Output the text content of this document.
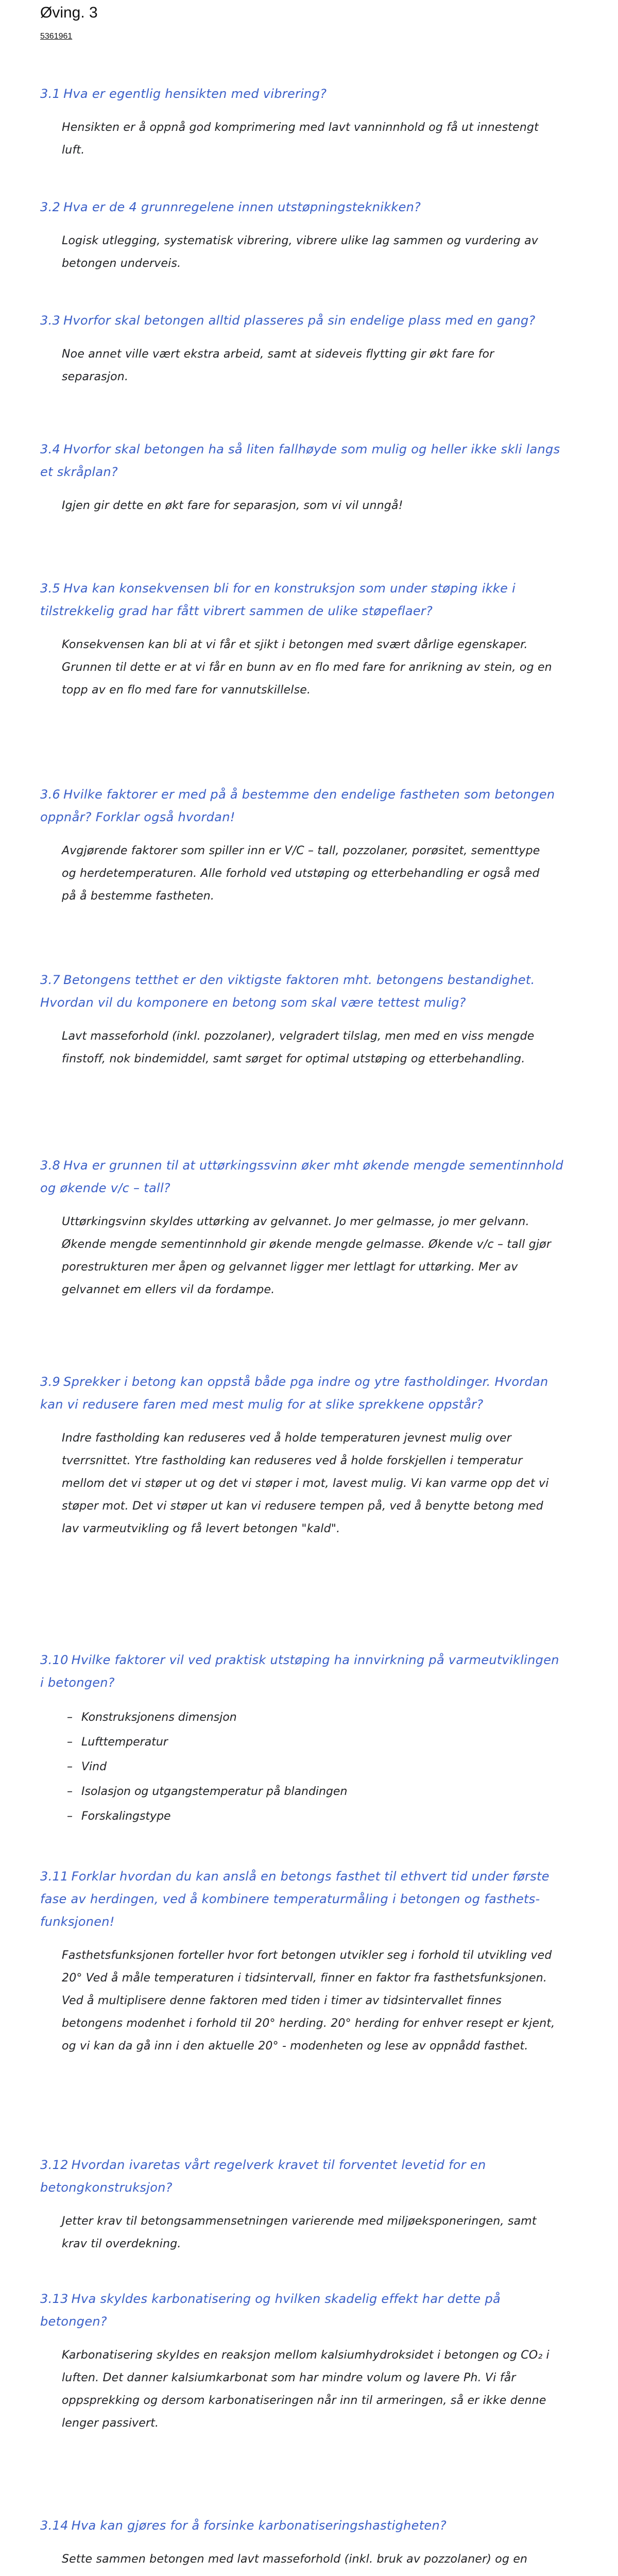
Øving. 3
5361961
3.1 Hva er egentlig hensikten med vibrering?
Hensikten er å oppnå god komprimering med lavt vanninnhold og få ut innestengt luft.
3.2 Hva er de 4 grunnregelene innen utstøpningsteknikken?
Logisk utlegging, systematisk vibrering, vibrere ulike lag sammen og vurdering av betongen underveis.
3.3 Hvorfor skal betongen alltid plasseres på sin endelige plass med en gang?
Noe annet ville vært ekstra arbeid, samt at sideveis flytting gir økt fare for separasjon.
3.4 Hvorfor skal betongen ha så liten fallhøyde som mulig og heller ikke skli langs et skråplan?
Igjen gir dette en økt fare for separasjon, som vi vil unngå!
3.5 Hva kan konsekvensen bli for en konstruksjon som under støping ikke i tilstrekkelig grad har fått vibrert sammen de ulike støpeflaer?
Konsekvensen kan bli at vi får et sjikt i betongen med svært dårlige egenskaper. Grunnen til dette er at vi får en bunn av en flo med fare for anrikning av stein, og en topp av en flo med fare for vannutskillelse.
3.6 Hvilke faktorer er med på å bestemme den endelige fastheten som betongen oppnår? Forklar også hvordan!
Avgjørende faktorer som spiller inn er V/C – tall, pozzolaner, porøsitet, sementtype og herdetemperaturen. Alle forhold ved utstøping og etterbehandling er også med på å bestemme fastheten.
3.7 Betongens tetthet er den viktigste faktoren mht. betongens bestandighet. Hvordan vil du komponere en betong som skal være tettest mulig?
Lavt masseforhold (inkl. pozzolaner), velgradert tilslag, men med en viss mengde finstoff, nok bindemiddel, samt sørget for optimal utstøping og etterbehandling.
3.8 Hva er grunnen til at uttørkingssvinn øker mht økende mengde sementinnhold og økende v/c – tall?
Uttørkingsvinn skyldes uttørking av gelvannet. Jo mer gelmasse, jo mer gelvann. Økende mengde sementinnhold gir økende mengde gelmasse. Økende v/c – tall gjør porestrukturen mer åpen og gelvannet ligger mer lettlagt for uttørking. Mer av gelvannet em ellers vil da fordampe.
3.9 Sprekker i betong kan oppstå både pga indre og ytre fastholdinger. Hvordan kan vi redusere faren med mest mulig for at slike sprekkene oppstår?
Indre fastholding kan reduseres ved å holde temperaturen jevnest mulig over tverrsnittet. Ytre fastholding kan reduseres ved å holde forskjellen i temperatur mellom det vi støper ut og det vi støper i mot, lavest mulig. Vi kan varme opp det vi støper mot. Det vi støper ut kan vi redusere tempen på, ved å benytte betong med lav varmeutvikling og få levert betongen "kald".
3.10 Hvilke faktorer vil ved praktisk utstøping ha innvirkning på varmeutviklingen i betongen?
– Konstruksjonens dimensjon
– Lufttemperatur
– Vind
– Isolasjon og utgangstemperatur på blandingen
– Forskalingstype
3.11 Forklar hvordan du kan anslå en betongs fasthet til ethvert tid under første fase av herdingen, ved å kombinere temperaturmåling i betongen og fasthets-funksjonen!
Fasthetsfunksjonen forteller hvor fort betongen utvikler seg i forhold til utvikling ved 20° Ved å måle temperaturen i tidsintervall, finner en faktor fra fasthetsfunksjonen. Ved å multiplisere denne faktoren med tiden i timer av tidsintervallet finnes betongens modenhet i forhold til 20° herding. 20° herding for enhver resept er kjent, og vi kan da gå inn i den aktuelle 20° - modenheten og lese av oppnådd fasthet.
3.12 Hvordan ivaretas vårt regelverk kravet til forventet levetid for en betongkonstruksjon?
Jetter krav til betongsammensetningen varierende med miljøeksponeringen, samt krav til overdekning.
3.13 Hva skyldes karbonatisering og hvilken skadelig effekt har dette på betongen?
Karbonatisering skyldes en reaksjon mellom kalsiumhydroksidet i betongen og CO₂ i luften. Det danner kalsiumkarbonat som har mindre volum og lavere Ph. Vi får oppsprekking og dersom karbonatiseringen når inn til armeringen, så er ikke denne lenger passivert.
3.14 Hva kan gjøres for å forsinke karbonatiseringshastigheten?
Sette sammen betongen med lavt masseforhold (inkl. bruk av pozzolaner) og en
